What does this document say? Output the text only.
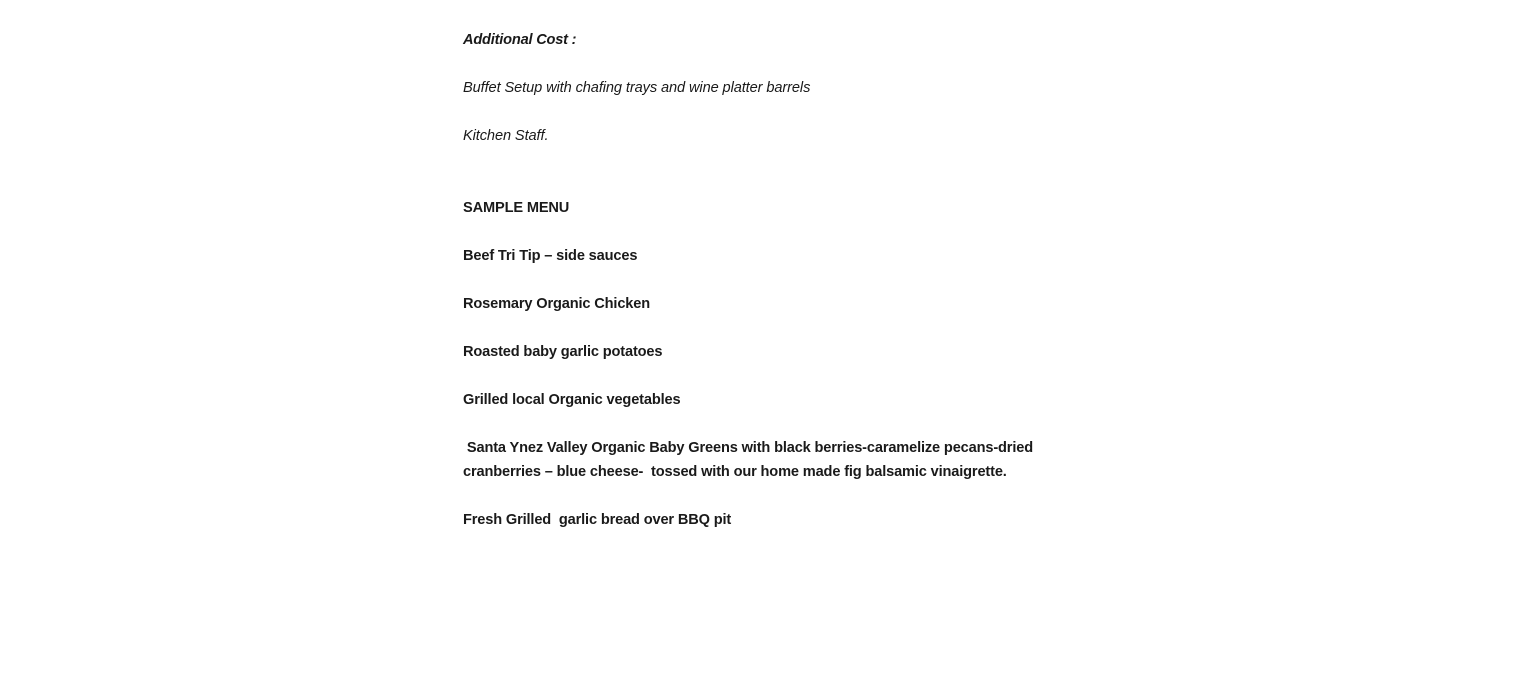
Additional Cost :

Buffet Setup with chafing trays and wine platter barrels

Kitchen Staff.

SAMPLE MENU

Beef Tri Tip – side sauces

Rosemary Organic Chicken

Roasted baby garlic potatoes

Grilled local Organic vegetables

Santa Ynez Valley Organic Baby Greens with black berries-caramelize pecans-dried cranberries – blue cheese-  tossed with our home made fig balsamic vinaigrette.

Fresh Grilled  garlic bread over BBQ pit
